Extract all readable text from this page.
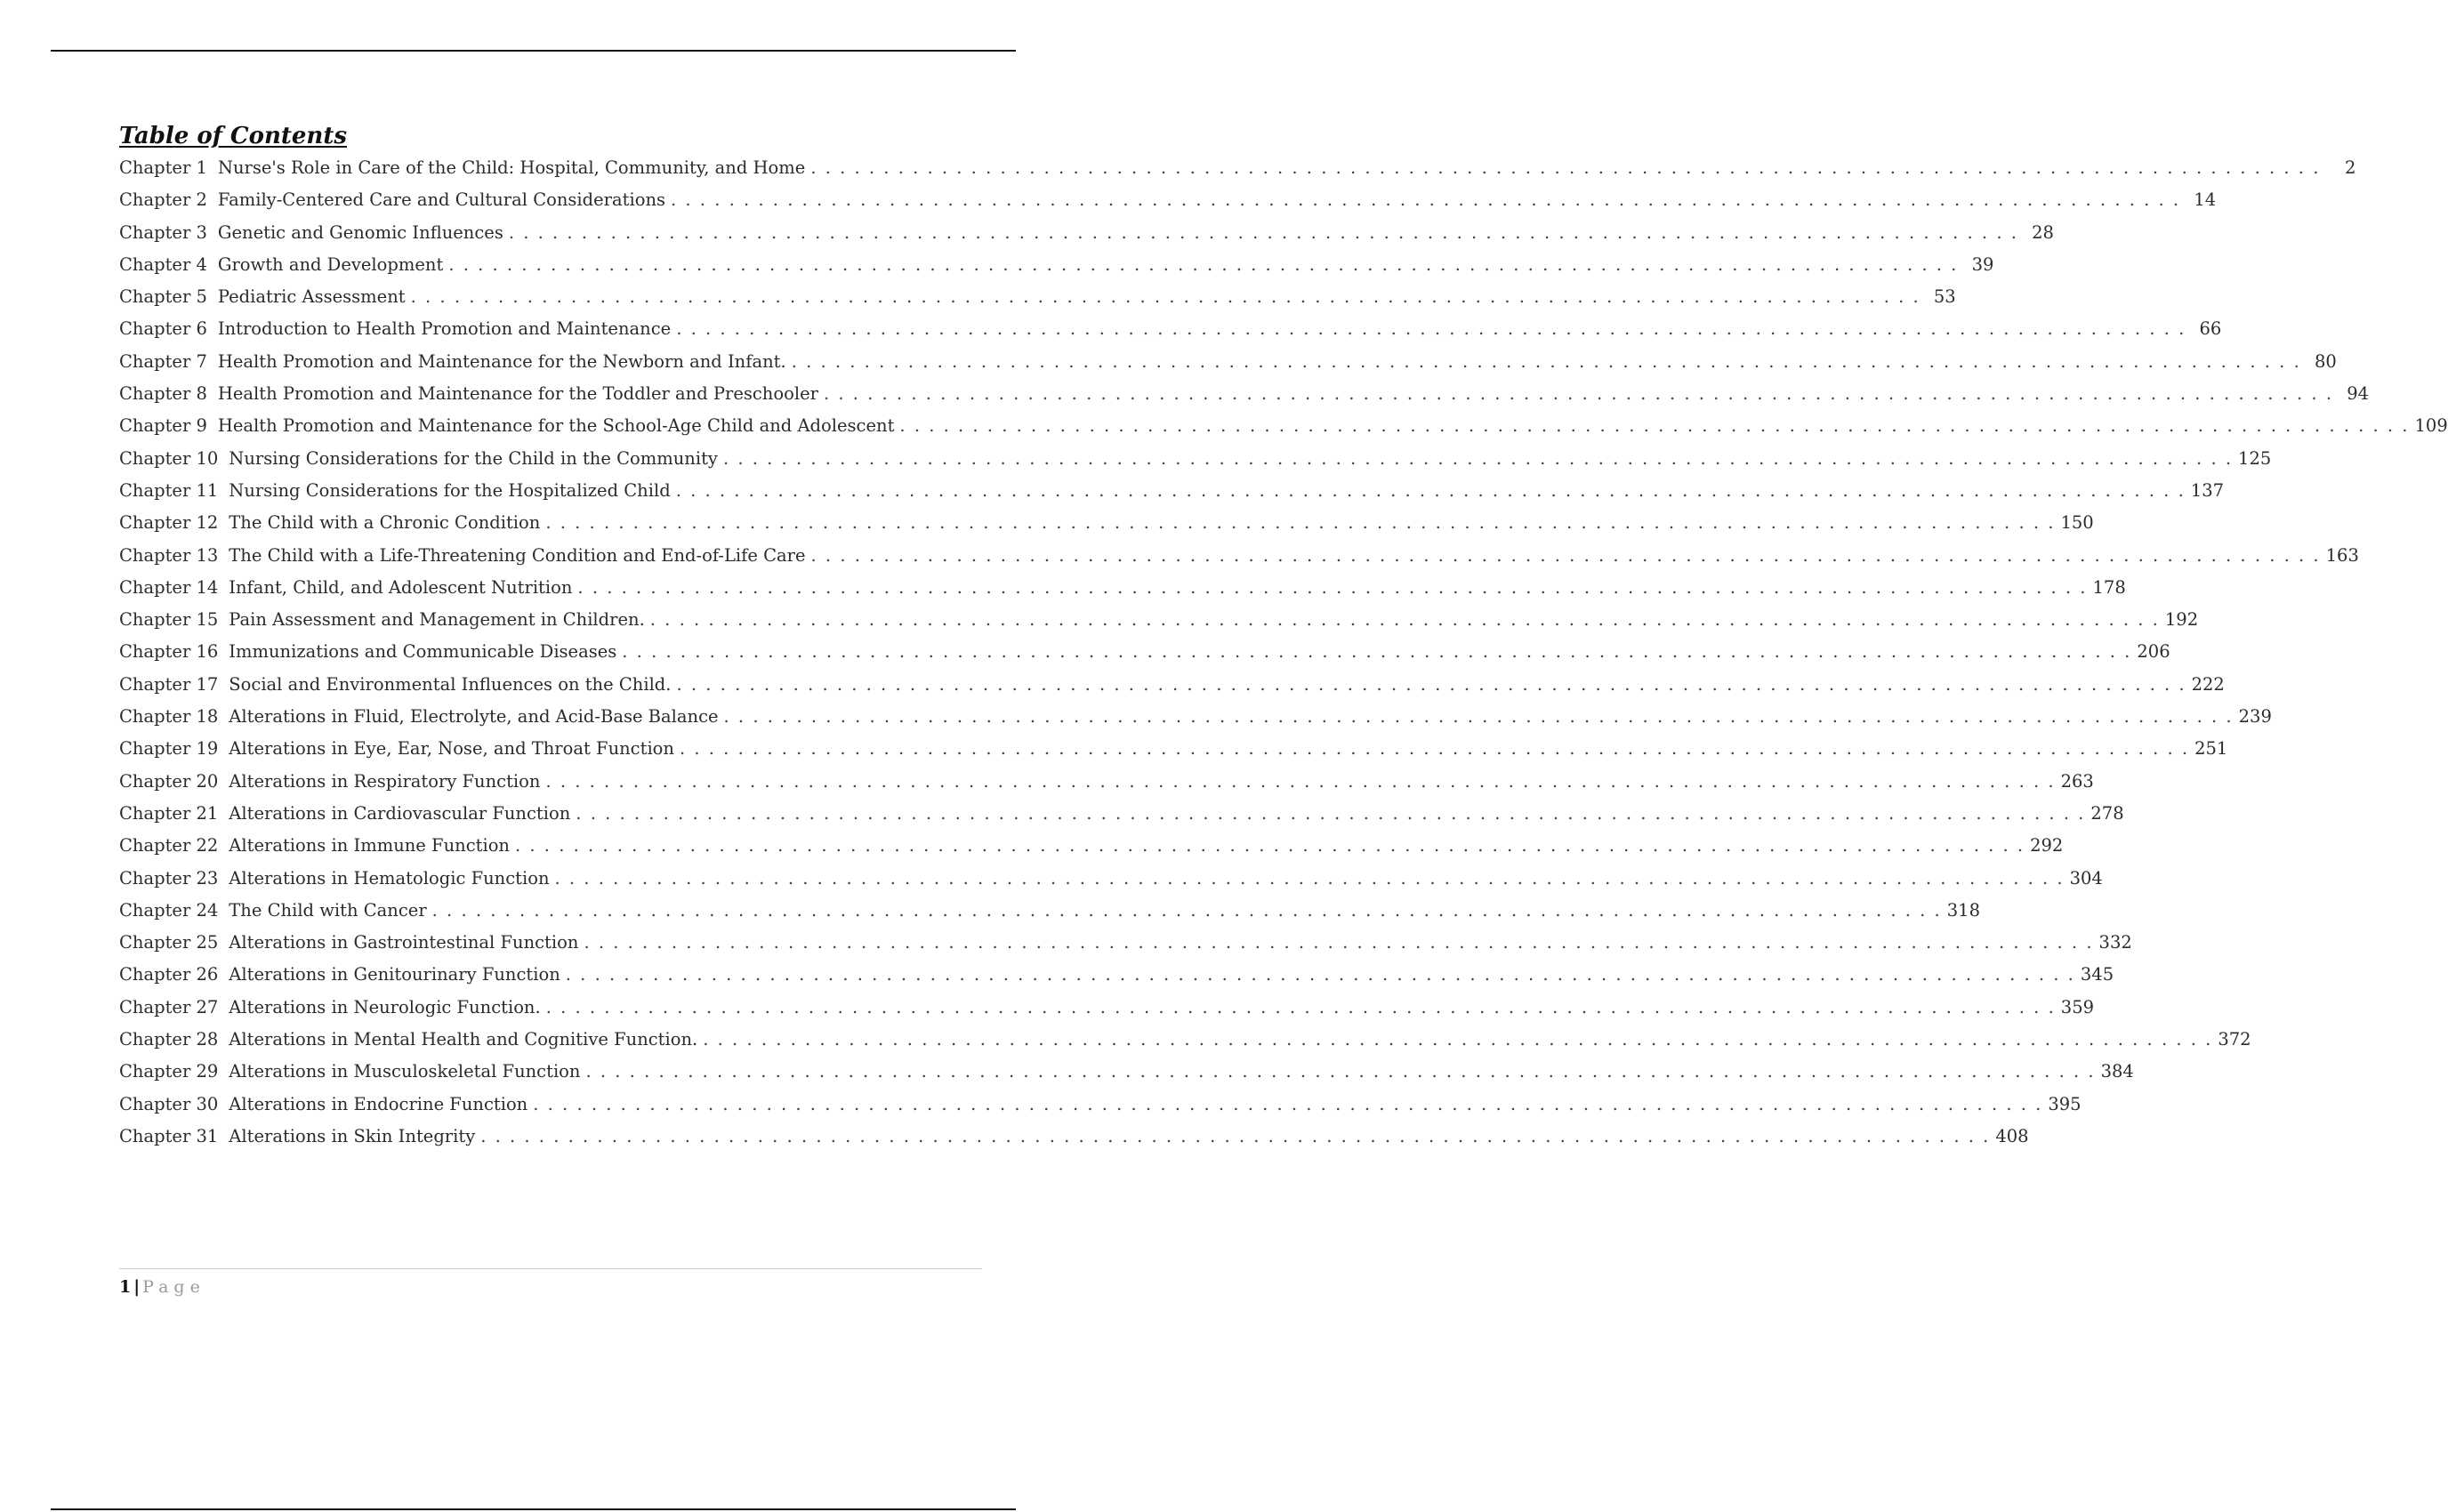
Table of Contents
Chapter 1 Nurse's Role in Care of the Child: Hospital, Community, and Home . . .	2
Chapter 2 Family-Centered Care and Cultural Considerations . . .	14
Chapter 3 Genetic and Genomic Influences . . .	28
Chapter 4 Growth and Development . . .	39
Chapter 5 Pediatric Assessment . . .	53
Chapter 6 Introduction to Health Promotion and Maintenance . . .	66
Chapter 7 Health Promotion and Maintenance for the Newborn and Infant. . . .	80
Chapter 8 Health Promotion and Maintenance for the Toddler and Preschooler . . .	94
Chapter 9 Health Promotion and Maintenance for the School-Age Child and Adolescent . . .	109
Chapter 10 Nursing Considerations for the Child in the Community . . .	125
Chapter 11 Nursing Considerations for the Hospitalized Child . . .	137
Chapter 12 The Child with a Chronic Condition . . .	150
Chapter 13 The Child with a Life-Threatening Condition and End-of-Life Care . . .	163
Chapter 14 Infant, Child, and Adolescent Nutrition . . .	178
Chapter 15 Pain Assessment and Management in Children. . . .	192
Chapter 16 Immunizations and Communicable Diseases . . .	206
Chapter 17 Social and Environmental Influences on the Child. . . .	222
Chapter 18 Alterations in Fluid, Electrolyte, and Acid-Base Balance . . .	239
Chapter 19 Alterations in Eye, Ear, Nose, and Throat Function . . .	251
Chapter 20 Alterations in Respiratory Function . . .	263
Chapter 21 Alterations in Cardiovascular Function . . .	278
Chapter 22 Alterations in Immune Function . . .	292
Chapter 23 Alterations in Hematologic Function . . .	304
Chapter 24 The Child with Cancer . . .	318
Chapter 25 Alterations in Gastrointestinal Function . . .	332
Chapter 26 Alterations in Genitourinary Function . . .	345
Chapter 27 Alterations in Neurologic Function. . . .	359
Chapter 28 Alterations in Mental Health and Cognitive Function. . . .	372
Chapter 29 Alterations in Musculoskeletal Function . . .	384
Chapter 30 Alterations in Endocrine Function . . .	395
Chapter 31 Alterations in Skin Integrity . . .	408
1 | Page
